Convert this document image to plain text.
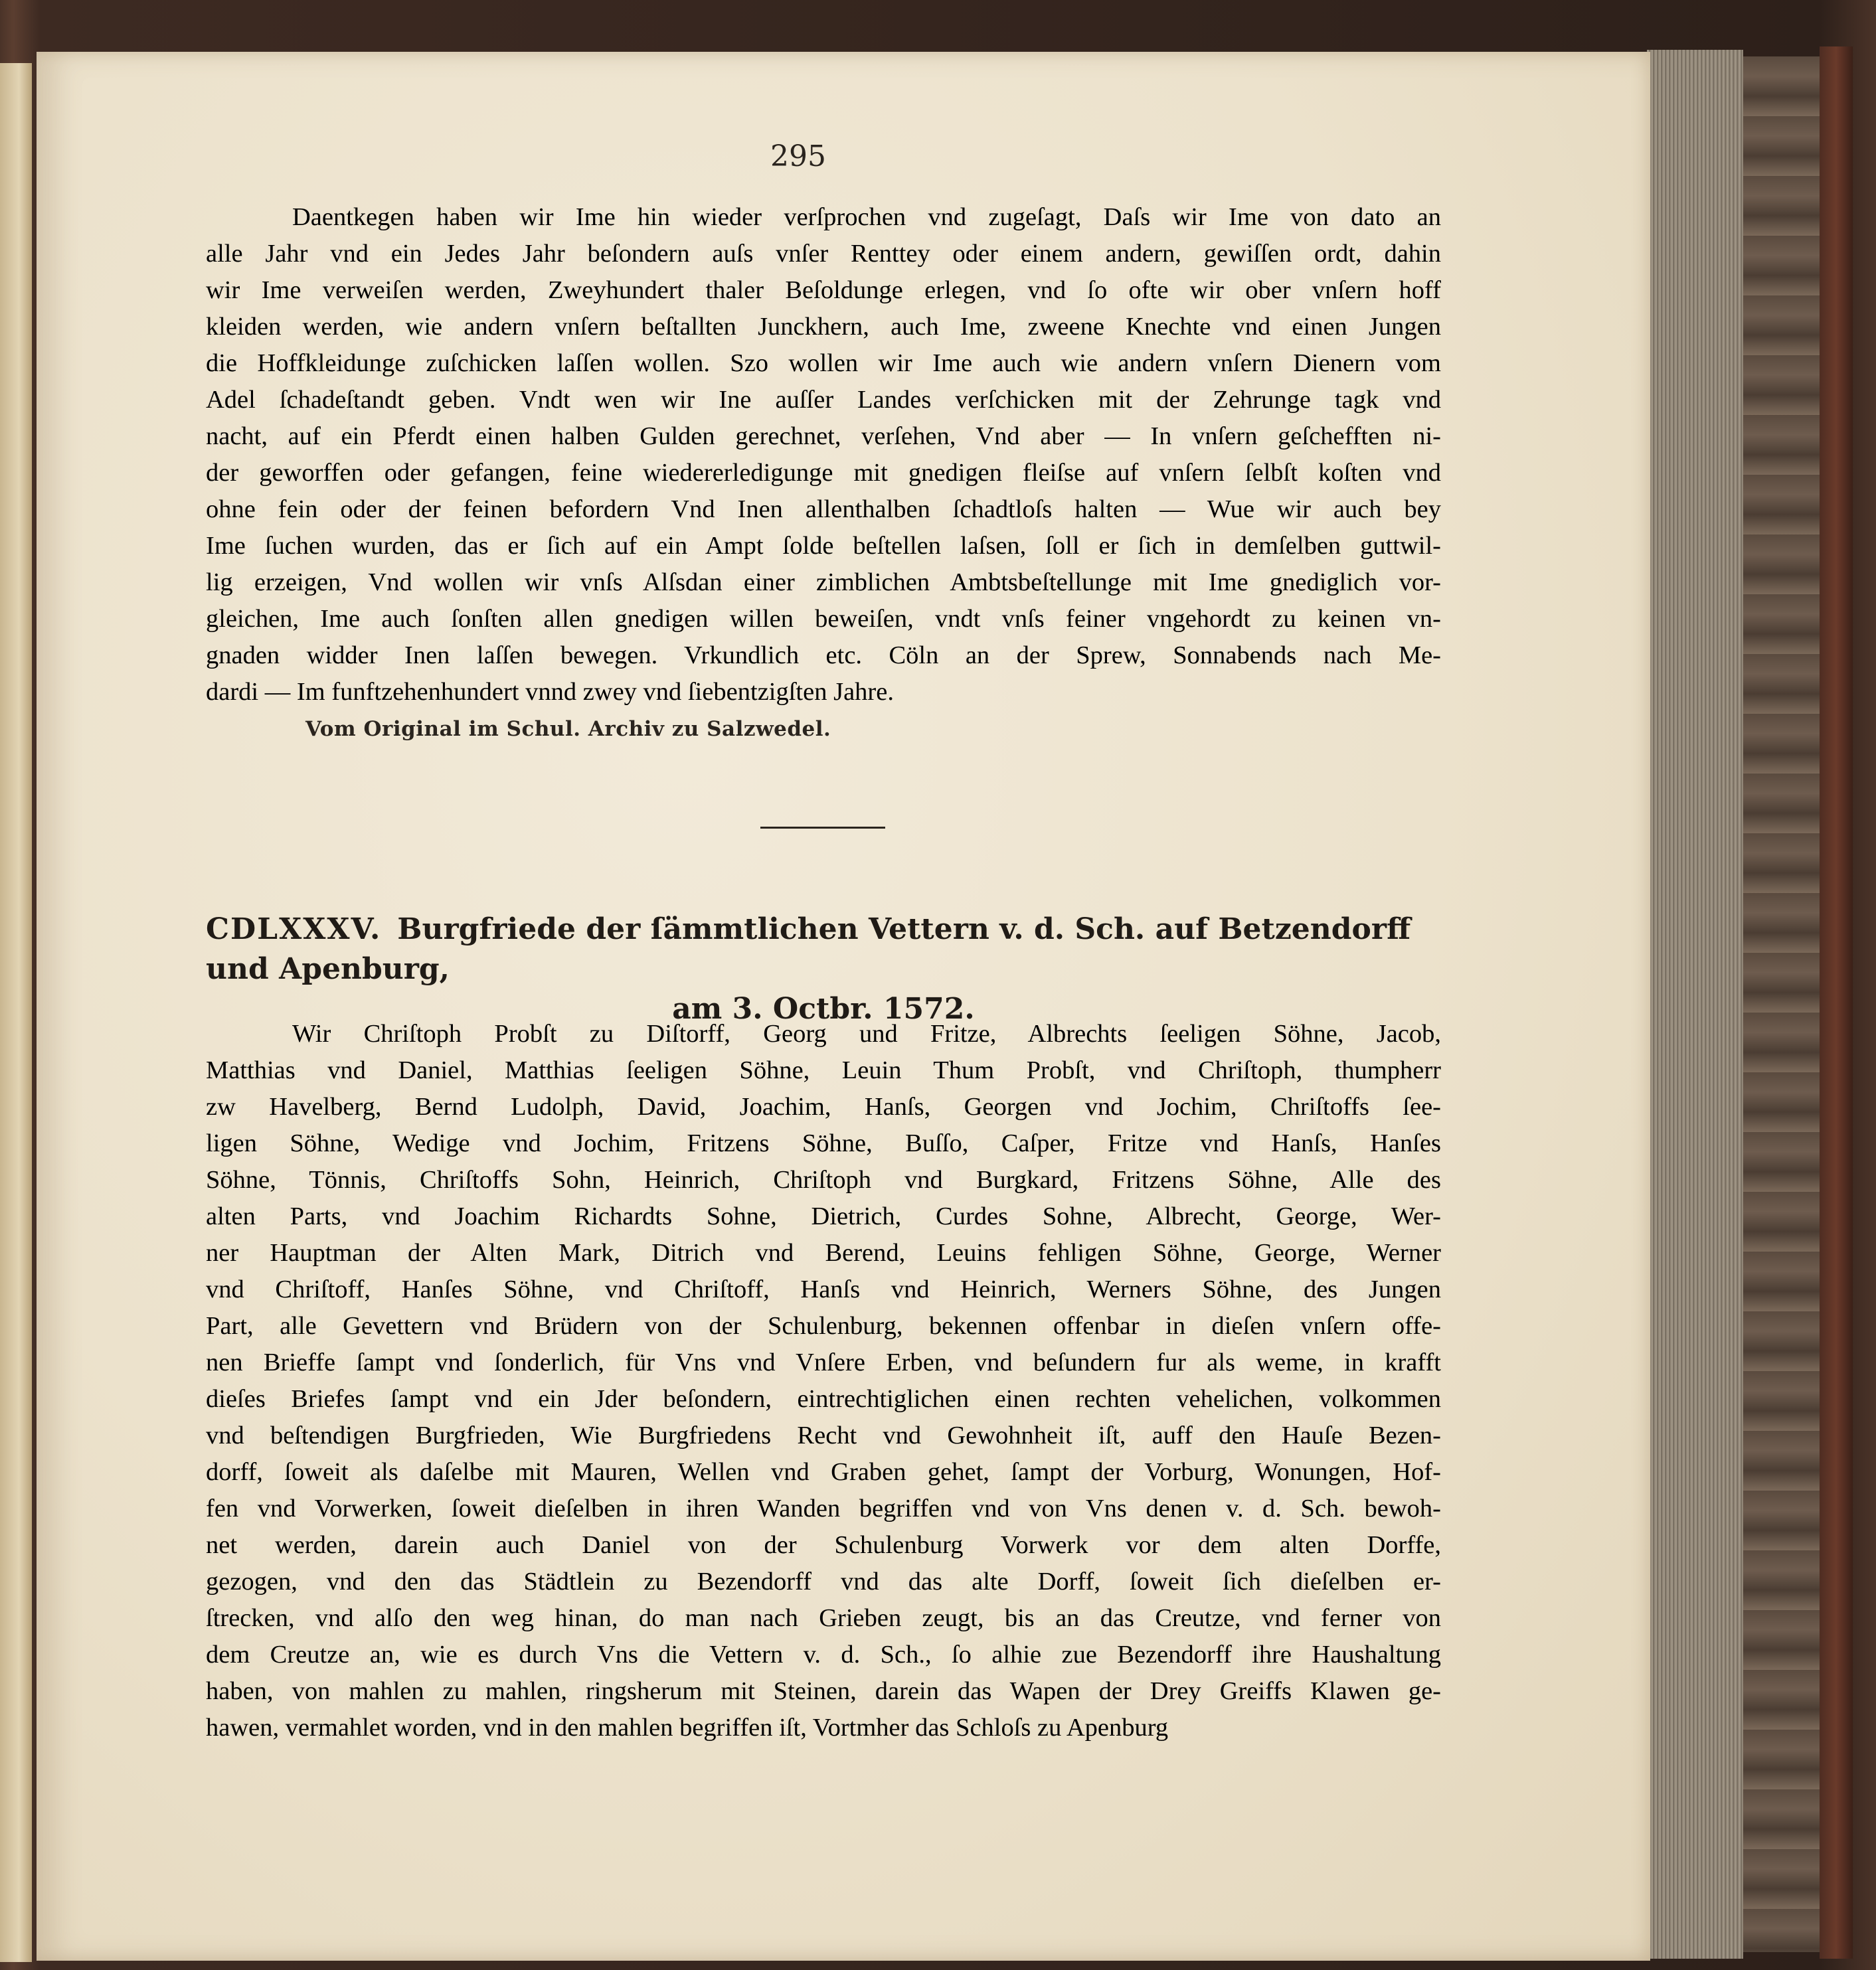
295
Daentkegen haben wir Ime hin wieder verſprochen vnd zugeſagt, Daſs wir Ime von dato an
alle Jahr vnd ein Jedes Jahr beſondern auſs vnſer Renttey oder einem andern, gewiſſen ordt, dahin
wir Ime verweiſen werden, Zweyhundert thaler Beſoldunge erlegen, vnd ſo ofte wir ober vnſern hoff
kleiden werden, wie andern vnſern beſtallten Junckhern, auch Ime, zweene Knechte vnd einen Jungen
die Hoffkleidunge zuſchicken laſſen wollen. Szo wollen wir Ime auch wie andern vnſern Dienern vom
Adel ſchadeſtandt geben. Vndt wen wir Ine auſſer Landes verſchicken mit der Zehrunge tagk vnd
nacht, auf ein Pferdt einen halben Gulden gerechnet, verſehen, Vnd aber — In vnſern geſchefften ni-
der geworffen oder gefangen, feine wiedererledigunge mit gnedigen fleiſse auf vnſern ſelbſt koſten vnd
ohne fein oder der feinen befordern Vnd Inen allenthalben ſchadtloſs halten — Wue wir auch bey
Ime ſuchen wurden, das er ſich auf ein Ampt ſolde beſtellen laſsen, ſoll er ſich in demſelben guttwil-
lig erzeigen, Vnd wollen wir vnſs Alſsdan einer zimblichen Ambtsbeſtellunge mit Ime gnediglich vor-
gleichen, Ime auch ſonſten allen gnedigen willen beweiſen, vndt vnſs feiner vngehordt zu keinen vn-
gnaden widder Inen laſſen bewegen. Vrkundlich etc. Cöln an der Sprew, Sonnabends nach Me-
dardi — Im funftzehenhundert vnnd zwey vnd ſiebentzigſten Jahre.
Vom Original im Schul. Archiv zu Salzwedel.
CDLXXXV. Burgfriede der ſämmtlichen Vettern v. d. Sch. auf Betzendorff und Apenburg,
am 3. Octbr. 1572.
Wir Chriſtoph Probſt zu Diſtorff, Georg und Fritze, Albrechts ſeeligen Söhne, Jacob,
Matthias vnd Daniel, Matthias ſeeligen Söhne, Leuin Thum Probſt, vnd Chriſtoph, thumpherr
zw Havelberg, Bernd Ludolph, David, Joachim, Hanſs, Georgen vnd Jochim, Chriſtoffs ſee-
ligen Söhne, Wedige vnd Jochim, Fritzens Söhne, Buſſo, Caſper, Fritze vnd Hanſs, Hanſes
Söhne, Tönnis, Chriſtoffs Sohn, Heinrich, Chriſtoph vnd Burgkard, Fritzens Söhne, Alle des
alten Parts, vnd Joachim Richardts Sohne, Dietrich, Curdes Sohne, Albrecht, George, Wer-
ner Hauptman der Alten Mark, Ditrich vnd Berend, Leuins fehligen Söhne, George, Werner
vnd Chriſtoff, Hanſes Söhne, vnd Chriſtoff, Hanſs vnd Heinrich, Werners Söhne, des Jungen
Part, alle Gevettern vnd Brüdern von der Schulenburg, bekennen offenbar in dieſen vnſern offe-
nen Brieffe ſampt vnd ſonderlich, für Vns vnd Vnſere Erben, vnd beſundern fur als weme, in krafft
dieſes Briefes ſampt vnd ein Jder beſondern, eintrechtiglichen einen rechten vehelichen, volkommen
vnd beſtendigen Burgfrieden, Wie Burgfriedens Recht vnd Gewohnheit iſt, auff den Hauſe Bezen-
dorff, ſoweit als daſelbe mit Mauren, Wellen vnd Graben gehet, ſampt der Vorburg, Wonungen, Hof-
fen vnd Vorwerken, ſoweit dieſelben in ihren Wanden begriffen vnd von Vns denen v. d. Sch. bewoh-
net werden, darein auch Daniel von der Schulenburg Vorwerk vor dem alten Dorffe,
gezogen, vnd den das Städtlein zu Bezendorff vnd das alte Dorff, ſoweit ſich dieſelben er-
ſtrecken, vnd alſo den weg hinan, do man nach Grieben zeugt, bis an das Creutze, vnd ferner von
dem Creutze an, wie es durch Vns die Vettern v. d. Sch., ſo alhie zue Bezendorff ihre Haushaltung
haben, von mahlen zu mahlen, ringsherum mit Steinen, darein das Wapen der Drey Greiffs Klawen ge-
hawen, vermahlet worden, vnd in den mahlen begriffen iſt, Vortmher das Schloſs zu Apenburg
